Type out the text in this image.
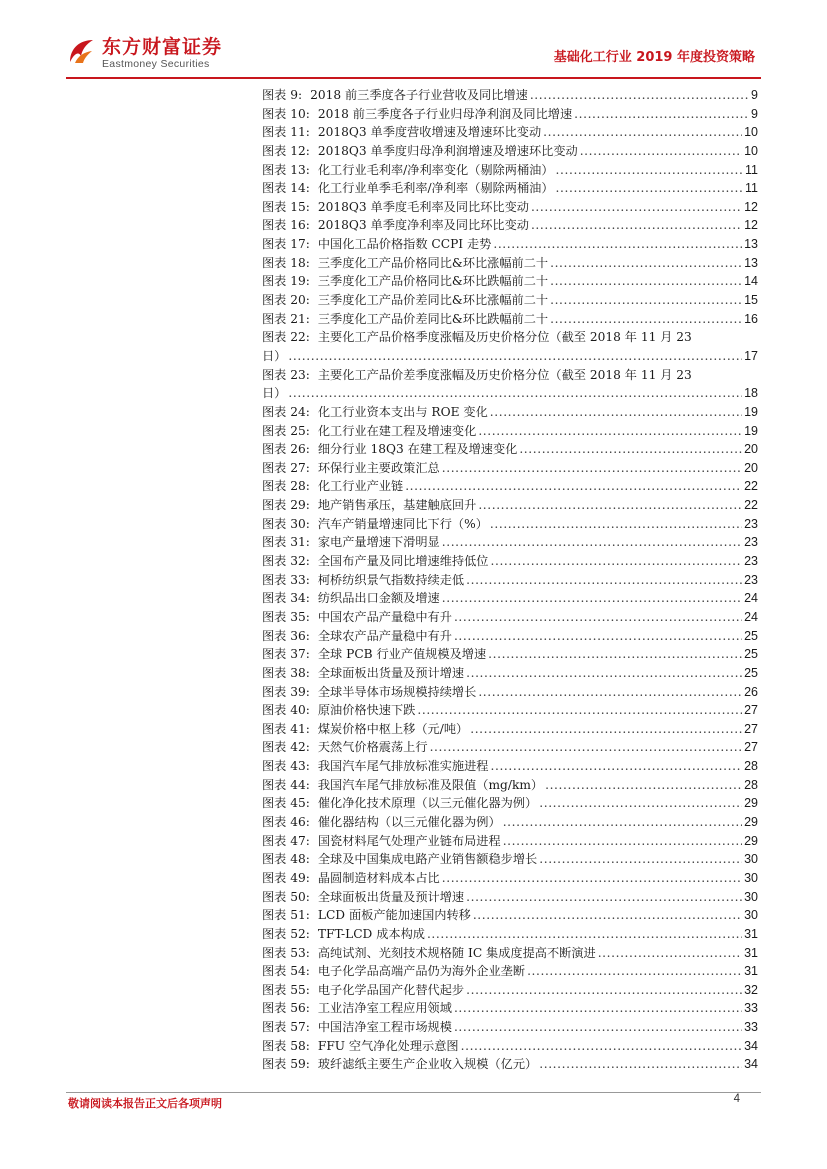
东方财富证券
Eastmoney Securities	基础化工行业 2019 年度投资策略
图表 9: 2018 前三季度各子行业营收及同比增速 .....	9
图表 10: 2018 前三季度各子行业归母净利润及同比增速 .....	9
图表 11: 2018Q3 单季度营收增速及增速环比变动 .....	10
图表 12: 2018Q3 单季度归母净利润增速及增速环比变动 .....	10
图表 13: 化工行业毛利率/净利率变化（剔除两桶油） .....	11
图表 14: 化工行业单季毛利率/净利率（剔除两桶油） .....	11
图表 15: 2018Q3 单季度毛利率及同比环比变动 .....	12
图表 16: 2018Q3 单季度净利率及同比环比变动 .....	12
图表 17: 中国化工品价格指数 CCPI 走势 .....	13
图表 18: 三季度化工产品价格同比&环比涨幅前二十 .....	13
图表 19: 三季度化工产品价格同比&环比跌幅前二十 .....	14
图表 20: 三季度化工产品价差同比&环比涨幅前二十 .....	15
图表 21: 三季度化工产品价差同比&环比跌幅前二十 .....	16
图表 22: 主要化工产品价格季度涨幅及历史价格分位（截至 2018 年 11 月 23
日） .....	17
图表 23: 主要化工产品价差季度涨幅及历史价格分位（截至 2018 年 11 月 23
日） .....	18
图表 24: 化工行业资本支出与 ROE 变化 .....	19
图表 25: 化工行业在建工程及增速变化 .....	19
图表 26: 细分行业 18Q3 在建工程及增速变化 .....	20
图表 27: 环保行业主要政策汇总 .....	20
图表 28: 化工行业产业链 .....	22
图表 29: 地产销售承压，基建触底回升 .....	22
图表 30: 汽车产销量增速同比下行（%） .....	23
图表 31: 家电产量增速下滑明显 .....	23
图表 32: 全国布产量及同比增速维持低位 .....	23
图表 33: 柯桥纺织景气指数持续走低 .....	23
图表 34: 纺织品出口金额及增速 .....	24
图表 35: 中国农产品产量稳中有升 .....	24
图表 36: 全球农产品产量稳中有升 .....	25
图表 37: 全球 PCB 行业产值规模及增速 .....	25
图表 38: 全球面板出货量及预计增速 .....	25
图表 39: 全球半导体市场规模持续增长 .....	26
图表 40: 原油价格快速下跌 .....	27
图表 41: 煤炭价格中枢上移（元/吨） .....	27
图表 42: 天然气价格震荡上行 .....	27
图表 43: 我国汽车尾气排放标准实施进程 .....	28
图表 44: 我国汽车尾气排放标准及限值（mg/km） .....	28
图表 45: 催化净化技术原理（以三元催化器为例） .....	29
图表 46: 催化器结构（以三元催化器为例） .....	29
图表 47: 国瓷材料尾气处理产业链布局进程 .....	29
图表 48: 全球及中国集成电路产业销售额稳步增长 .....	30
图表 49: 晶圆制造材料成本占比 .....	30
图表 50: 全球面板出货量及预计增速 .....	30
图表 51: LCD 面板产能加速国内转移 .....	30
图表 52: TFT-LCD 成本构成 .....	31
图表 53: 高纯试剂、光刻技术规格随 IC 集成度提高不断演进 .....	31
图表 54: 电子化学品高端产品仍为海外企业垄断 .....	31
图表 55: 电子化学品国产化替代起步 .....	32
图表 56: 工业洁净室工程应用领域 .....	33
图表 57: 中国洁净室工程市场规模 .....	33
图表 58: FFU 空气净化处理示意图 .....	34
图表 59: 玻纤滤纸主要生产企业收入规模（亿元） .....	34
敬请阅读本报告正文后各项声明	4
